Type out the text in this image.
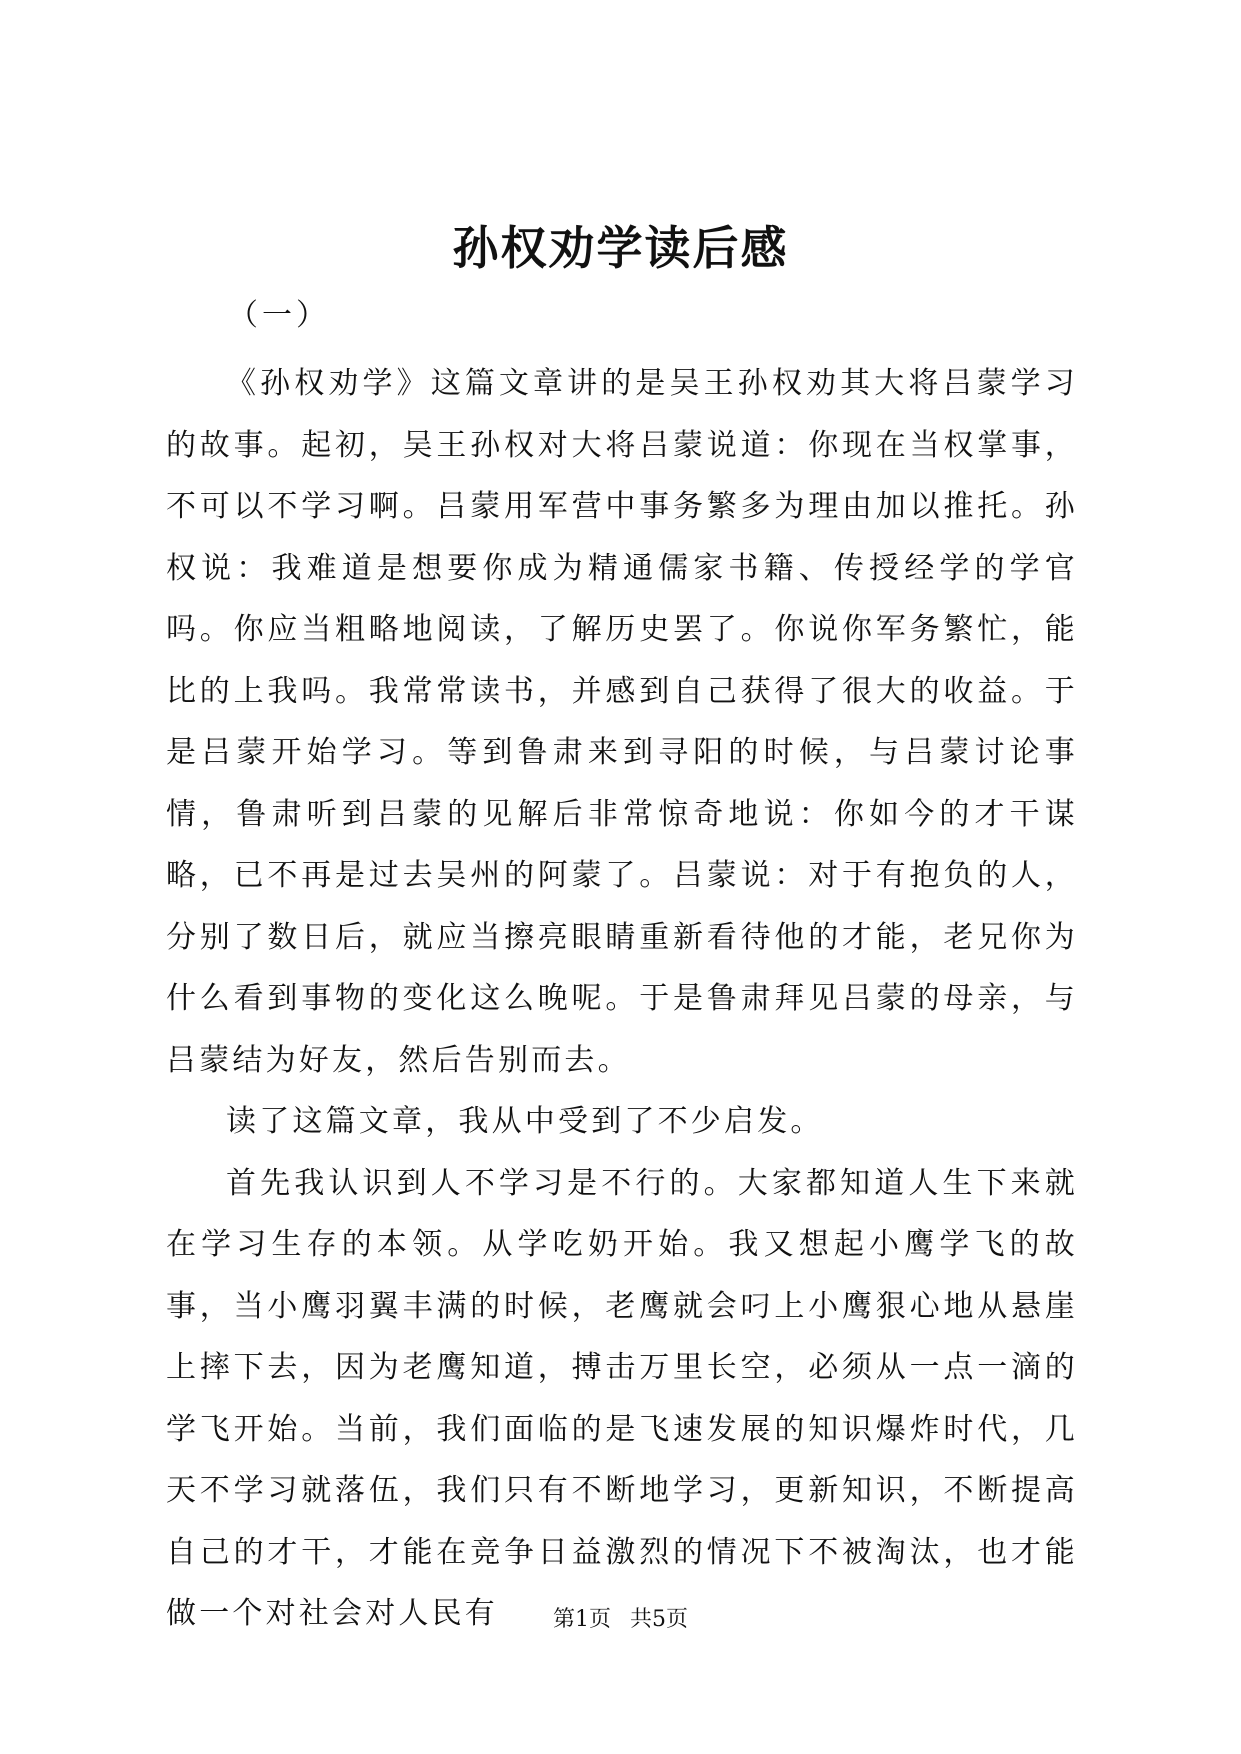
孙权劝学读后感
（一）

《孙权劝学》这篇文章讲的是吴王孙权劝其大将吕蒙学习的故事。起初，吴王孙权对大将吕蒙说道：你现在当权掌事，不可以不学习啊。吕蒙用军营中事务繁多为理由加以推托。孙权说：我难道是想要你成为精通儒家书籍、传授经学的学官吗。你应当粗略地阅读，了解历史罢了。你说你军务繁忙，能比的上我吗。我常常读书，并感到自己获得了很大的收益。于是吕蒙开始学习。等到鲁肃来到寻阳的时候，与吕蒙讨论事情，鲁肃听到吕蒙的见解后非常惊奇地说：你如今的才干谋略，已不再是过去吴州的阿蒙了。吕蒙说：对于有抱负的人，分别了数日后，就应当擦亮眼睛重新看待他的才能，老兄你为什么看到事物的变化这么晚呢。于是鲁肃拜见吕蒙的母亲，与吕蒙结为好友，然后告别而去。

读了这篇文章，我从中受到了不少启发。

首先我认识到人不学习是不行的。大家都知道人生下来就在学习生存的本领。从学吃奶开始。我又想起小鹰学飞的故事，当小鹰羽翼丰满的时候，老鹰就会叼上小鹰狠心地从悬崖上摔下去，因为老鹰知道，搏击万里长空，必须从一点一滴的学飞开始。当前，我们面临的是飞速发展的知识爆炸时代，几天不学习就落伍，我们只有不断地学习，更新知识，不断提高自己的才干，才能在竞争日益激烈的情况下不被淘汰，也才能做一个对社会对人民有	第1页 共5页
